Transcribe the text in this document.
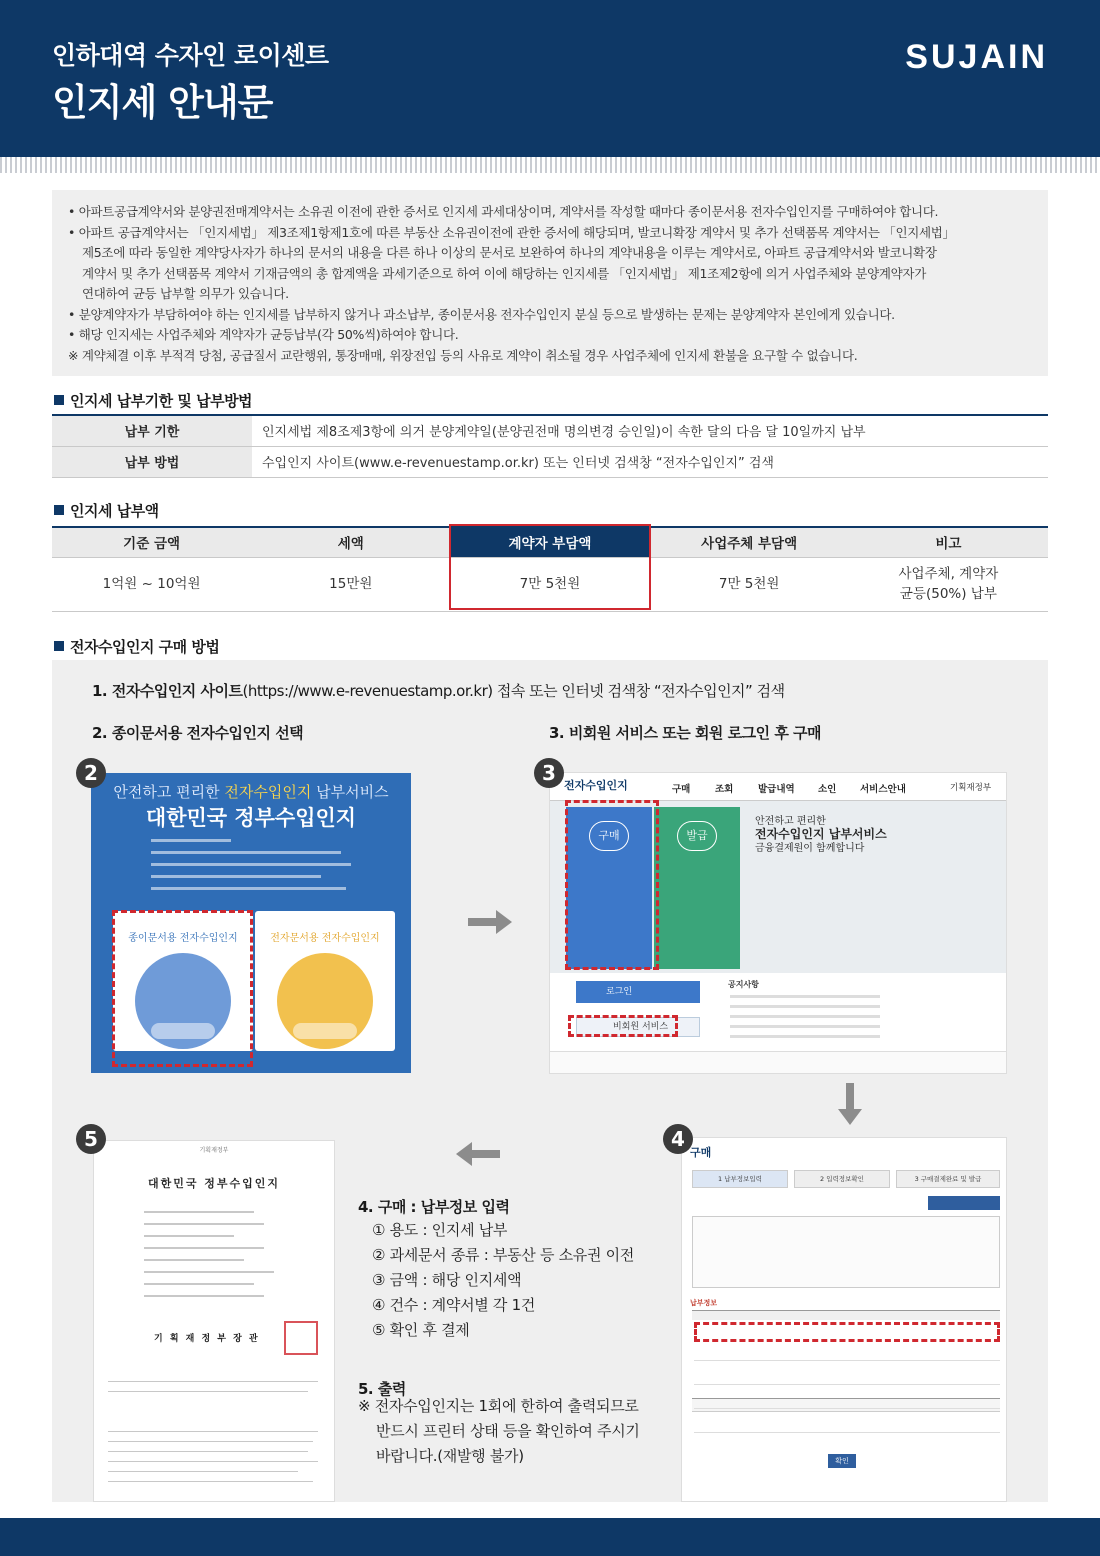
인하대역 수자인 로이센트
인지세 안내문
SUJAIN
• 아파트공급계약서와 분양권전매계약서는 소유권 이전에 관한 증서로 인지세 과세대상이며, 계약서를 작성할 때마다 종이문서용 전자수입인지를 구매하여야 합니다.
• 아파트 공급계약서는 「인지세법」 제3조제1항제1호에 따른 부동산 소유권이전에 관한 증서에 해당되며, 발코니확장 계약서 및 추가 선택품목 계약서는 「인지세법」
제5조에 따라 동일한 계약당사자가 하나의 문서의 내용을 다른 하나 이상의 문서로 보완하여 하나의 계약내용을 이루는 계약서로, 아파트 공급계약서와 발코니확장
계약서 및 추가 선택품목 계약서 기재금액의 총 합계액을 과세기준으로 하여 이에 해당하는 인지세를 「인지세법」 제1조제2항에 의거 사업주체와 분양계약자가
연대하여 균등 납부할 의무가 있습니다.
• 분양계약자가 부담하여야 하는 인지세를 납부하지 않거나 과소납부, 종이문서용 전자수입인지 분실 등으로 발생하는 문제는 분양계약자 본인에게 있습니다.
• 해당 인지세는 사업주체와 계약자가 균등납부(각 50%씩)하여야 합니다.
※ 계약체결 이후 부적격 당첨, 공급질서 교란행위, 통장매매, 위장전입 등의 사유로 계약이 취소될 경우 사업주체에 인지세 환불을 요구할 수 없습니다.
인지세 납부기한 및 납부방법
납부 기한	인지세법 제8조제3항에 의거 분양계약일(분양권전매 명의변경 승인일)이 속한 달의 다음 달 10일까지 납부
납부 방법	수입인지 사이트(www.e-revenuestamp.or.kr) 또는 인터넷 검색창 “전자수입인지” 검색
인지세 납부액
기준 금액	세액	계약자 부담액	사업주체 부담액	비고
1억원 ~ 10억원	15만원	7만 5천원	7만 5천원	사업주체, 계약자
균등(50%) 납부
전자수입인지 구매 방법
1. 전자수입인지 사이트(https://www.e-revenuestamp.or.kr) 접속 또는 인터넷 검색창 “전자수입인지” 검색
2. 종이문서용 전자수입인지 선택	3. 비회원 서비스 또는 회원 로그인 후 구매
안전하고 편리한 전자수입인지 납부서비스
대한민국 정부수입인지
종이문서용 전자수입인지	전자문서용 전자수입인지
2
전자수입인지	구매	조회	발급내역 소인 서비스안내	기획재정부
구매	발급
로그인
비회원 서비스
공지사항
안전하고 편리한
전자수입인지 납부서비스
금융결제원이 함께합니다
3
기획재정부
대한민국 정부수입인지
기 획 재 정 부 장 관
5
4. 구매 : 납부정보 입력
① 용도 : 인지세 납부
② 과세문서 종류 : 부동산 등 소유권 이전
③ 금액 : 해당 인지세액
④ 건수 : 계약서별 각 1건
⑤ 확인 후 결제
5. 출력
※ 전자수입인지는 1회에 한하여 출력되므로
반드시 프린터 상태 등을 확인하여 주시기
바랍니다.(재발행 불가)
구매
1 납부정보입력	2 입력정보확인	3 구매결제완료 및 발급
납부정보
확인
4
